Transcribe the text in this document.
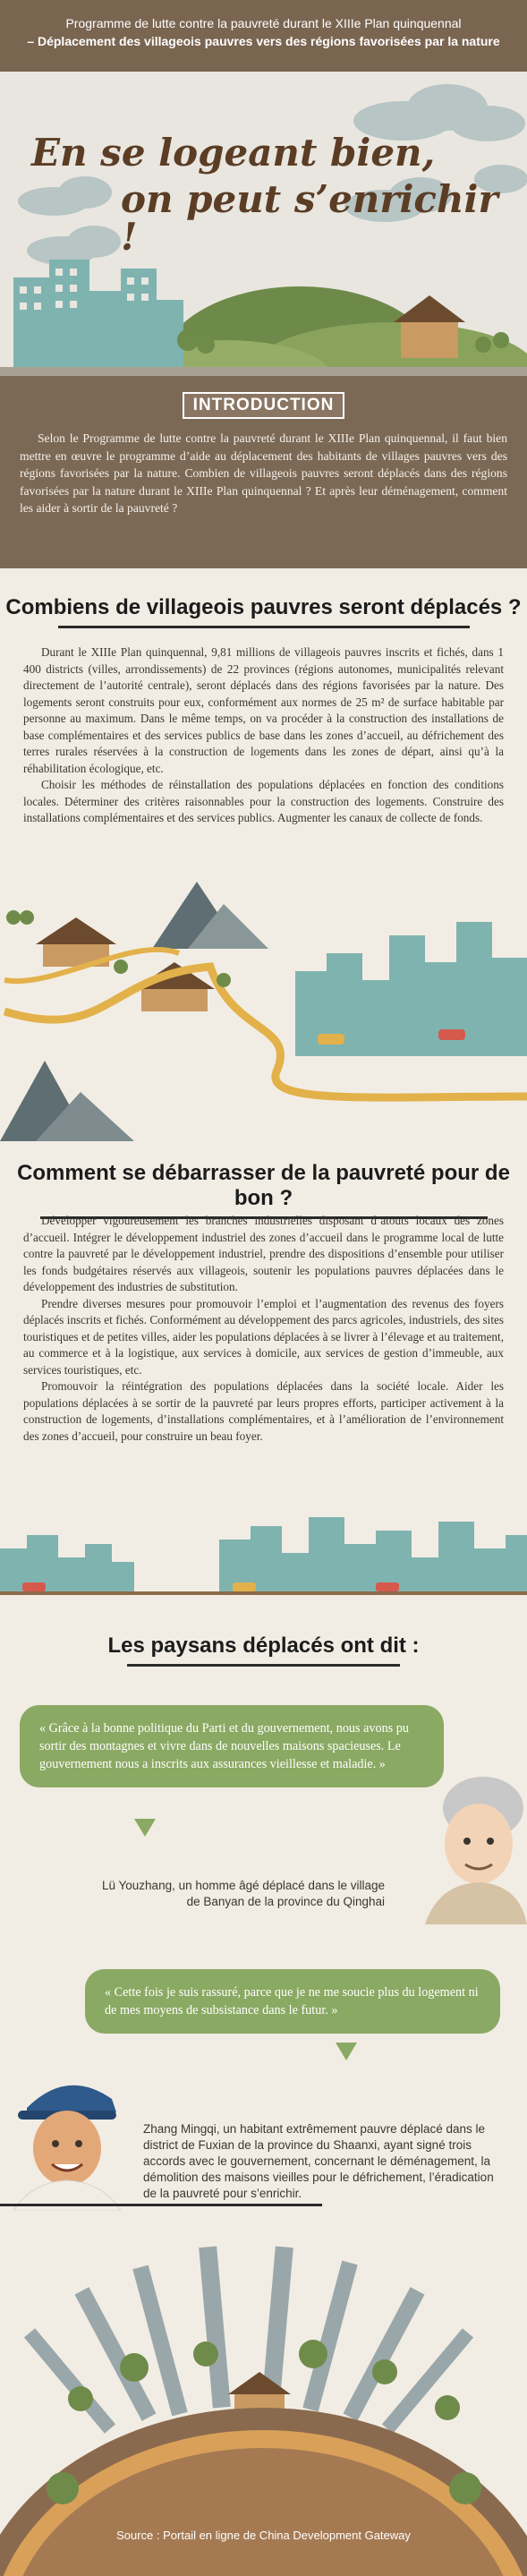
Programme de lutte contre la pauvreté durant le XIIIe Plan quinquennal
– Déplacement des villageois pauvres vers des régions favorisées par la nature
En se logeant bien,
on peut s’enrichir !
INTRODUCTION

Selon le Programme de lutte contre la pauvreté durant le XIIIe Plan quinquennal, il faut bien mettre en œuvre le programme d’aide au déplacement des habitants de villages pauvres vers des régions favorisées par la nature. Combien de villageois pauvres seront déplacés dans des régions favorisées par la nature durant le XIIIe Plan quinquennal ? Et après leur déménagement, comment les aider à sortir de la pauvreté ?

Combiens de villageois pauvres seront déplacés ?

Durant le XIIIe Plan quinquennal, 9,81 millions de villageois pauvres inscrits et fichés, dans 1 400 districts (villes, arrondissements) de 22 provinces (régions autonomes, municipalités relevant directement de l’autorité centrale), seront déplacés dans des régions favorisées par la nature. Des logements seront construits pour eux, conformément aux normes de 25 m² de surface habitable par personne au maximum. Dans le même temps, on va procéder à la construction des installations de base complémentaires et des services publics de base dans les zones d’accueil, au défrichement des terres rurales réservées à la construction de logements dans les zones de départ, ainsi qu’à la réhabilitation écologique, etc.

Choisir les méthodes de réinstallation des populations déplacées en fonction des conditions locales. Déterminer des critères raisonnables pour la construction des logements. Construire des installations complémentaires et des services publics. Augmenter les canaux de collecte de fonds.

Comment se débarrasser de la pauvreté pour de bon ?

Développer vigoureusement les branches industrielles disposant d’atouts locaux des zones d’accueil. Intégrer le développement industriel des zones d’accueil dans le programme local de lutte contre la pauvreté par le développement industriel, prendre des dispositions d’ensemble pour utiliser les fonds budgétaires réservés aux villageois, soutenir les populations pauvres déplacées dans le développement des industries de substitution.

Prendre diverses mesures pour promouvoir l’emploi et l’augmentation des revenus des foyers déplacés inscrits et fichés. Conformément au développement des parcs agricoles, industriels, des sites touristiques et de petites villes, aider les populations déplacées à se livrer à l’élevage et au traitement, au commerce et à la logistique, aux services à domicile, aux services de gestion d’immeuble, aux services touristiques, etc.

Promouvoir la réintégration des populations déplacées dans la société locale. Aider les populations déplacées à se sortir de la pauvreté par leurs propres efforts, participer activement à la construction de logements, d’installations complémentaires, et à l’amélioration de l’environnement des zones d’accueil, pour construire un beau foyer.

Les paysans déplacés ont dit :
« Grâce à la bonne politique du Parti et du gouvernement, nous avons pu sortir des montagnes et vivre dans de nouvelles maisons spacieuses. Le gouvernement nous a inscrits aux assurances vieillesse et maladie. »
Lü Youzhang, un homme âgé déplacé dans le village
de Banyan de la province du Qinghai
« Cette fois je suis rassuré, parce que je ne me soucie plus du logement ni de mes moyens de subsistance dans le futur. »
Zhang Mingqi, un habitant extrêmement pauvre déplacé dans le district de Fuxian de la province du Shaanxi, ayant signé trois accords avec le gouvernement, concernant le déménagement, la démolition des maisons vieilles pour le défrichement, l’éradication de la pauvreté pour s’enrichir.
Source : Portail en ligne de China Development Gateway
